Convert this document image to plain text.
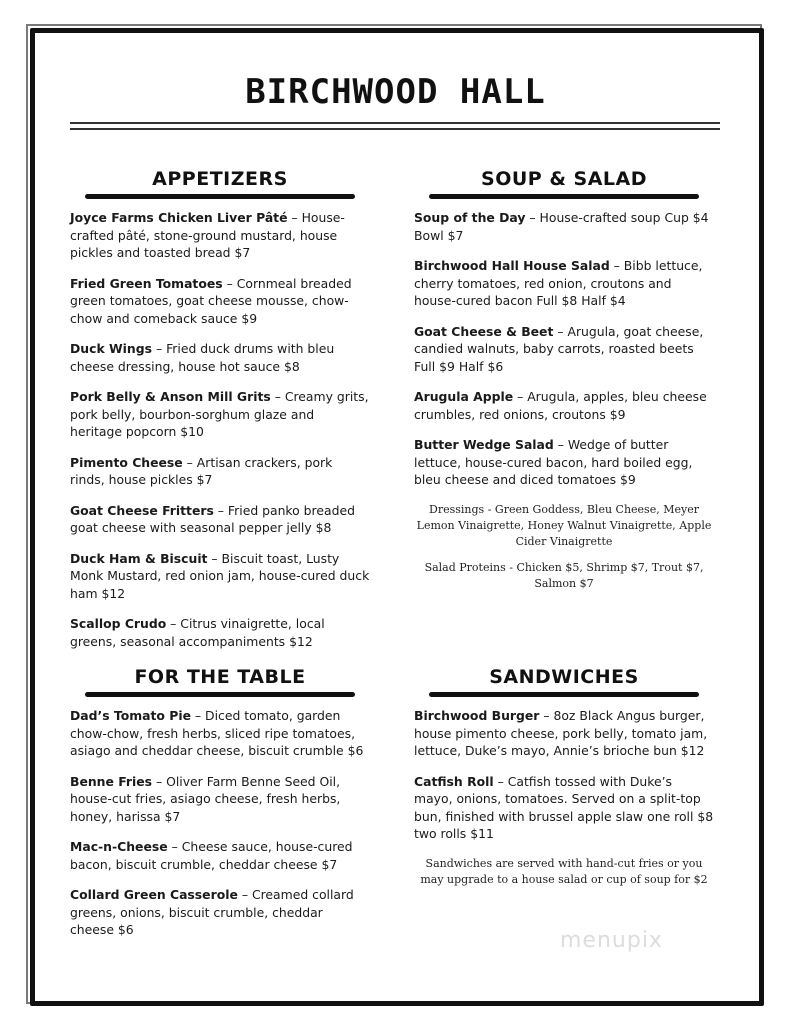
BIRCHWOOD HALL
APPETIZERS
Joyce Farms Chicken Liver Pâté – House-crafted pâté, stone-ground mustard, house pickles and toasted bread $7
Fried Green Tomatoes – Cornmeal breaded green tomatoes, goat cheese mousse, chow-chow and comeback sauce $9
Duck Wings – Fried duck drums with bleu cheese dressing, house hot sauce $8
Pork Belly & Anson Mill Grits – Creamy grits, pork belly, bourbon-sorghum glaze and heritage popcorn $10
Pimento Cheese – Artisan crackers, pork rinds, house pickles $7
Goat Cheese Fritters – Fried panko breaded goat cheese with seasonal pepper jelly $8
Duck Ham & Biscuit – Biscuit toast, Lusty Monk Mustard, red onion jam, house-cured duck ham $12
Scallop Crudo – Citrus vinaigrette, local greens, seasonal accompaniments $12
SOUP & SALAD
Soup of the Day – House-crafted soup Cup $4 Bowl $7
Birchwood Hall House Salad – Bibb lettuce, cherry tomatoes, red onion, croutons and house-cured bacon Full $8 Half $4
Goat Cheese & Beet – Arugula, goat cheese, candied walnuts, baby carrots, roasted beets Full $9 Half $6
Arugula Apple – Arugula, apples, bleu cheese crumbles, red onions, croutons $9
Butter Wedge Salad – Wedge of butter lettuce, house-cured bacon, hard boiled egg, bleu cheese and diced tomatoes $9
Dressings - Green Goddess, Bleu Cheese, Meyer Lemon Vinaigrette, Honey Walnut Vinaigrette, Apple Cider Vinaigrette
Salad Proteins - Chicken $5, Shrimp $7, Trout $7, Salmon $7
FOR THE TABLE
Dad’s Tomato Pie – Diced tomato, garden chow-chow, fresh herbs, sliced ripe tomatoes, asiago and cheddar cheese, biscuit crumble $6
Benne Fries – Oliver Farm Benne Seed Oil, house-cut fries, asiago cheese, fresh herbs, honey, harissa $7
Mac-n-Cheese – Cheese sauce, house-cured bacon, biscuit crumble, cheddar cheese $7
Collard Green Casserole – Creamed collard greens, onions, biscuit crumble, cheddar cheese $6
SANDWICHES
Birchwood Burger – 8oz Black Angus burger, house pimento cheese, pork belly, tomato jam, lettuce, Duke’s mayo, Annie’s brioche bun $12
Catfish Roll – Catfish tossed with Duke’s mayo, onions, tomatoes. Served on a split-top bun, finished with brussel apple slaw one roll $8 two rolls $11
Sandwiches are served with hand-cut fries or you may upgrade to a house salad or cup of soup for $2
menupix
